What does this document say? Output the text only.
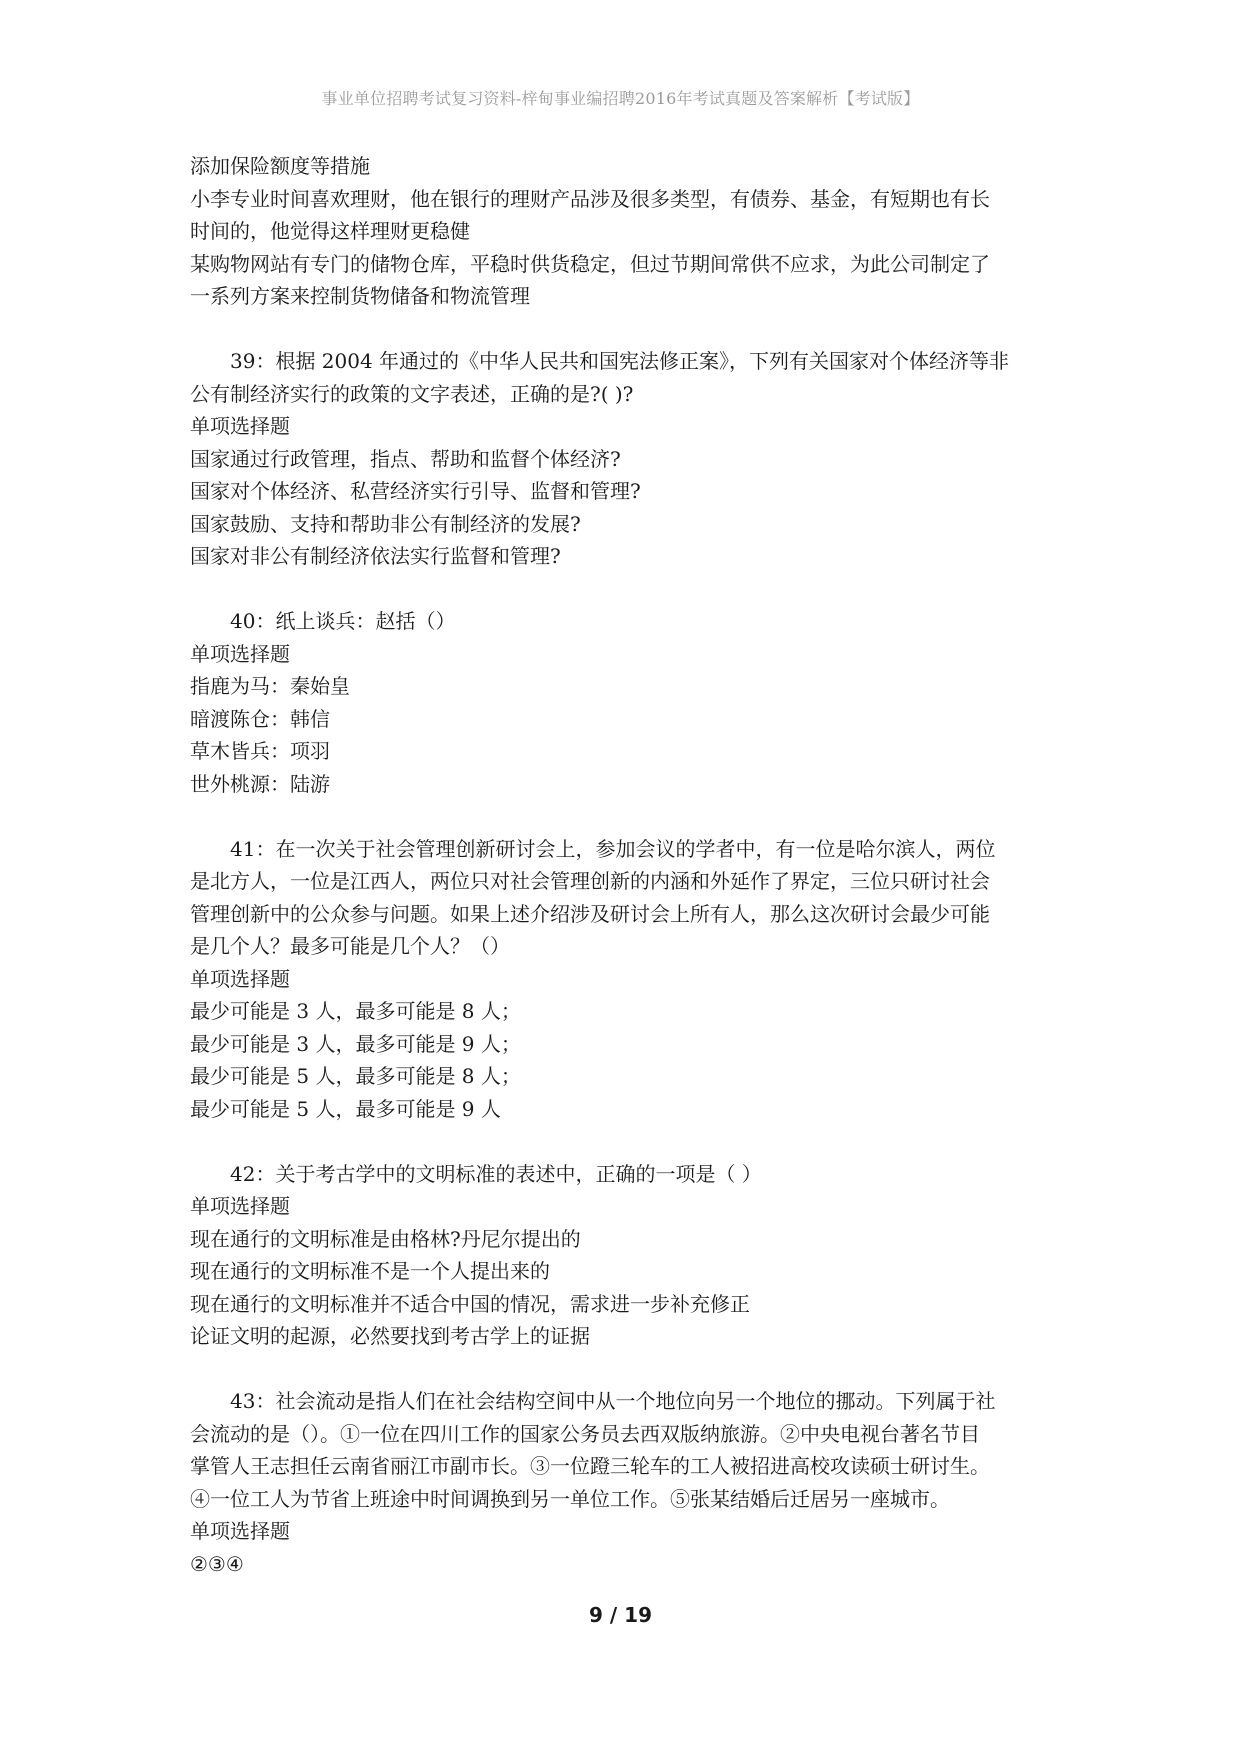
事业单位招聘考试复习资料-梓甸事业编招聘2016年考试真题及答案解析【考试版】
添加保险额度等措施
小李专业时间喜欢理财，他在银行的理财产品涉及很多类型，有债券、基金，有短期也有长
时间的，他觉得这样理财更稳健
某购物网站有专门的储物仓库，平稳时供货稳定，但过节期间常供不应求，为此公司制定了
一系列方案来控制货物储备和物流管理
39：根据 2004 年通过的《中华人民共和国宪法修正案》，下列有关国家对个体经济等非
公有制经济实行的政策的文字表述，正确的是?( )?
单项选择题
国家通过行政管理，指点、帮助和监督个体经济?
国家对个体经济、私营经济实行引导、监督和管理?
国家鼓励、支持和帮助非公有制经济的发展?
国家对非公有制经济依法实行监督和管理?
40：纸上谈兵：赵括（）
单项选择题
指鹿为马：秦始皇
暗渡陈仓：韩信
草木皆兵：项羽
世外桃源：陆游
41：在一次关于社会管理创新研讨会上，参加会议的学者中，有一位是哈尔滨人，两位
是北方人，一位是江西人，两位只对社会管理创新的内涵和外延作了界定，三位只研讨社会
管理创新中的公众参与问题。如果上述介绍涉及研讨会上所有人，那么这次研讨会最少可能
是几个人？最多可能是几个人？（）
单项选择题
最少可能是 3 人，最多可能是 8 人；
最少可能是 3 人，最多可能是 9 人；
最少可能是 5 人，最多可能是 8 人；
最少可能是 5 人，最多可能是 9 人
42：关于考古学中的文明标准的表述中，正确的一项是（ ）
单项选择题
现在通行的文明标准是由格林?丹尼尔提出的
现在通行的文明标准不是一个人提出来的
现在通行的文明标准并不适合中国的情况，需求进一步补充修正
论证文明的起源，必然要找到考古学上的证据
43：社会流动是指人们在社会结构空间中从一个地位向另一个地位的挪动。下列属于社
会流动的是（）。①一位在四川工作的国家公务员去西双版纳旅游。②中央电视台著名节目
掌管人王志担任云南省丽江市副市长。③一位蹬三轮车的工人被招进高校攻读硕士研讨生。
④一位工人为节省上班途中时间调换到另一单位工作。⑤张某结婚后迁居另一座城市。
单项选择题
②③④
9 / 19
